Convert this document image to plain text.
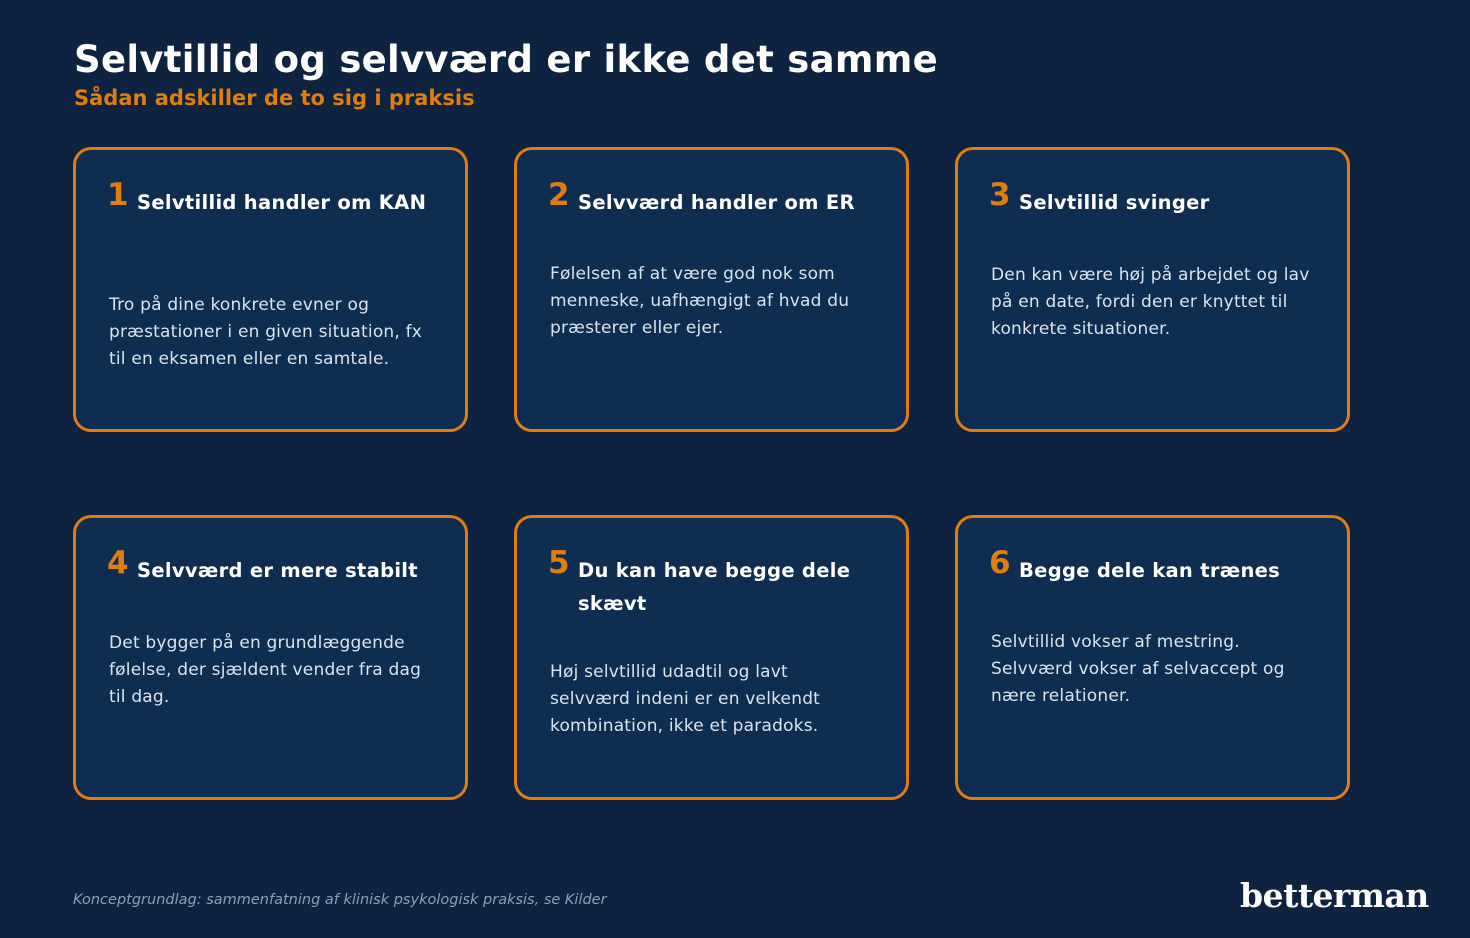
Selvtillid og selvværd er ikke det samme
Sådan adskiller de to sig i praksis
1 Selvtillid handler om KAN
Tro på dine konkrete evner og præstationer i en given situation, fx til en eksamen eller en samtale.
2 Selvværd handler om ER
Følelsen af at være god nok som menneske, uafhængigt af hvad du præsterer eller ejer.
3 Selvtillid svinger
Den kan være høj på arbejdet og lav på en date, fordi den er knyttet til konkrete situationer.
4 Selvværd er mere stabilt
Det bygger på en grundlæggende følelse, der sjældent vender fra dag til dag.
5 Du kan have begge dele skævt
Høj selvtillid udadtil og lavt selvværd indeni er en velkendt kombination, ikke et paradoks.
6 Begge dele kan trænes
Selvtillid vokser af mestring. Selvværd vokser af selvaccept og nære relationer.
Konceptgrundlag: sammenfatning af klinisk psykologisk praksis, se Kilder	betterman
